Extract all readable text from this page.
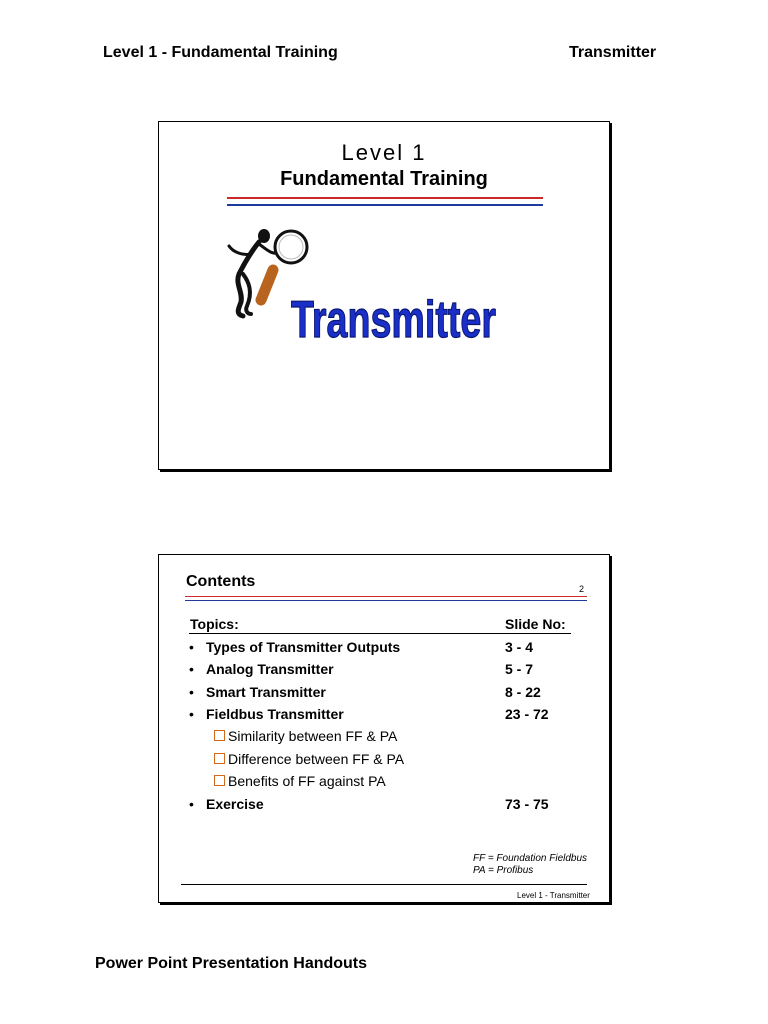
Level 1 - Fundamental Training	Transmitter
Level 1
Fundamental Training
Transmitter
Contents	2
Topics:	Slide No:
• Types of Transmitter Outputs	3 - 4
• Analog Transmitter	5 - 7
• Smart Transmitter	8 - 22
• Fieldbus Transmitter	23 - 72
Similarity between FF & PA
Difference between FF & PA
Benefits of FF against PA
• Exercise	73 - 75
FF = Foundation Fieldbus
PA = Profibus
Level 1 - Transmitter
Power Point Presentation Handouts
